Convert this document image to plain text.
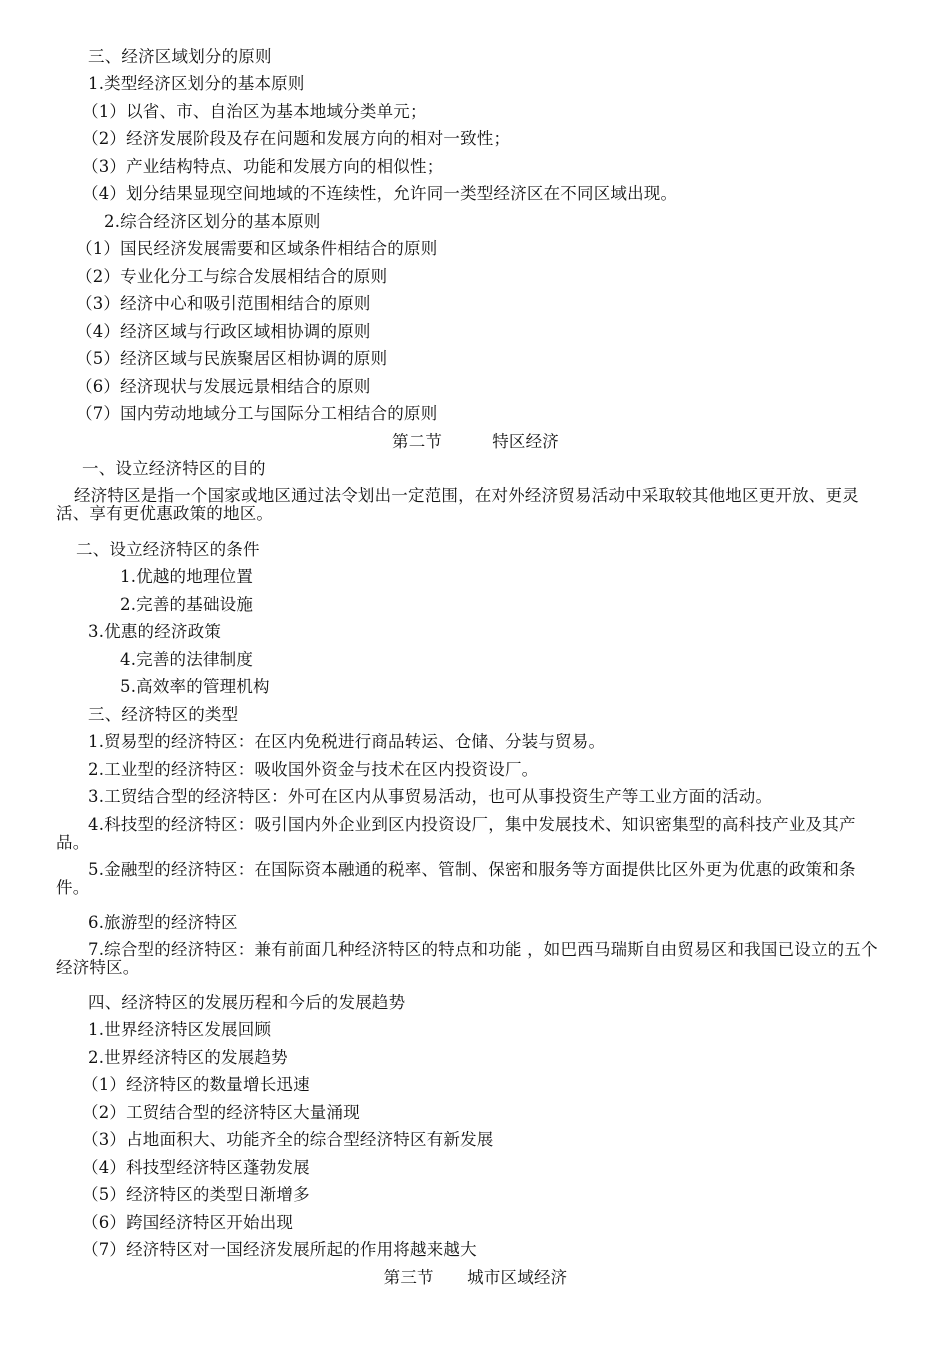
三、经济区域划分的原则
1.类型经济区划分的基本原则
（1）以省、市、自治区为基本地域分类单元；
（2）经济发展阶段及存在问题和发展方向的相对一致性；
（3）产业结构特点、功能和发展方向的相似性；
（4）划分结果显现空间地域的不连续性，允许同一类型经济区在不同区域出现。
2.综合经济区划分的基本原则
（1）国民经济发展需要和区域条件相结合的原则
（2）专业化分工与综合发展相结合的原则
（3）经济中心和吸引范围相结合的原则
（4）经济区域与行政区域相协调的原则
（5）经济区域与民族聚居区相协调的原则
（6）经济现状与发展远景相结合的原则
（7）国内劳动地域分工与国际分工相结合的原则
第二节　　　特区经济
一、设立经济特区的目的
经济特区是指一个国家或地区通过法令划出一定范围，在对外经济贸易活动中采取较其他地区更开放、更灵活、享有更优惠政策的地区。
二、设立经济特区的条件
1.优越的地理位置
2.完善的基础设施
3.优惠的经济政策
4.完善的法律制度
5.高效率的管理机构
三、经济特区的类型
1.贸易型的经济特区：在区内免税进行商品转运、仓储、分装与贸易。
2.工业型的经济特区：吸收国外资金与技术在区内投资设厂。
3.工贸结合型的经济特区：外可在区内从事贸易活动，也可从事投资生产等工业方面的活动。
4.科技型的经济特区：吸引国内外企业到区内投资设厂，集中发展技术、知识密集型的高科技产业及其产品。
5.金融型的经济特区：在国际资本融通的税率、管制、保密和服务等方面提供比区外更为优惠的政策和条件。
6.旅游型的经济特区
7.综合型的经济特区：兼有前面几种经济特区的特点和功能 ，如巴西马瑞斯自由贸易区和我国已设立的五个经济特区。
四、经济特区的发展历程和今后的发展趋势
1.世界经济特区发展回顾
2.世界经济特区的发展趋势
（1）经济特区的数量增长迅速
（2）工贸结合型的经济特区大量涌现
（3）占地面积大、功能齐全的综合型经济特区有新发展
（4）科技型经济特区蓬勃发展
（5）经济特区的类型日渐增多
（6）跨国经济特区开始出现
（7）经济特区对一国经济发展所起的作用将越来越大
第三节　　城市区域经济
